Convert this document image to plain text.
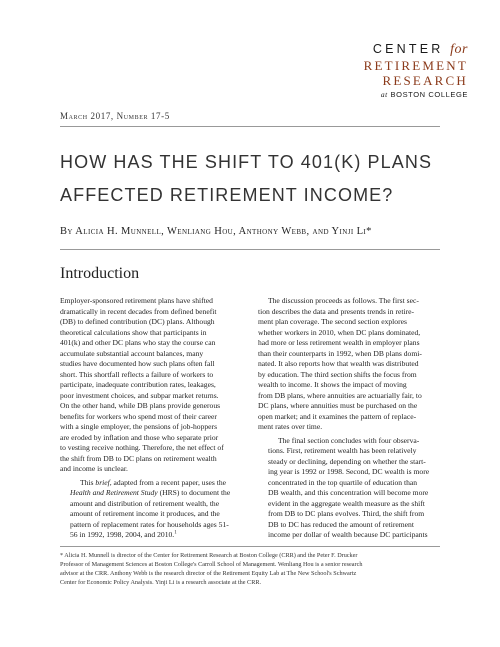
CENTER for
RETIREMENT
RESEARCH
at BOSTON COLLEGE
March 2017, Number 17-5
HOW HAS THE SHIFT TO 401(K) PLANS
AFFECTED RETIREMENT INCOME?
By Alicia H. Munnell, Wenliang Hou, Anthony Webb, and Yinji Li*
Introduction

Employer-sponsored retirement plans have shifted
dramatically in recent decades from defined benefit
(DB) to defined contribution (DC) plans. Although
theoretical calculations show that participants in
401(k) and other DC plans who stay the course can
accumulate substantial account balances, many
studies have documented how such plans often fall
short. This shortfall reflects a failure of workers to
participate, inadequate contribution rates, leakages,
poor investment choices, and subpar market returns.
On the other hand, while DB plans provide generous
benefits for workers who spend most of their career
with a single employer, the pensions of job-hoppers
are eroded by inflation and those who separate prior
to vesting receive nothing. Therefore, the net effect of
the shift from DB to DC plans on retirement wealth
and income is unclear.

This brief, adapted from a recent paper, uses the
Health and Retirement Study (HRS) to document the
amount and distribution of retirement wealth, the
amount of retirement income it produces, and the
pattern of replacement rates for households ages 51-
56 in 1992, 1998, 2004, and 2010.$^1$

The discussion proceeds as follows. The first sec-
tion describes the data and presents trends in retire-
ment plan coverage. The second section explores
whether workers in 2010, when DC plans dominated,
had more or less retirement wealth in employer plans
than their counterparts in 1992, when DB plans domi-
nated. It also reports how that wealth was distributed
by education. The third section shifts the focus from
wealth to income. It shows the impact of moving
from DB plans, where annuities are actuarially fair, to
DC plans, where annuities must be purchased on the
open market; and it examines the pattern of replace-
ment rates over time.

The final section concludes with four observa-
tions. First, retirement wealth has been relatively
steady or declining, depending on whether the start-
ing year is 1992 or 1998. Second, DC wealth is more
concentrated in the top quartile of education than
DB wealth, and this concentration will become more
evident in the aggregate wealth measure as the shift
from DB to DC plans evolves. Third, the shift from
DB to DC has reduced the amount of retirement
income per dollar of wealth because DC participants

* Alicia H. Munnell is director of the Center for Retirement Research at Boston College (CRR) and the Peter F. Drucker
Professor of Management Sciences at Boston College's Carroll School of Management. Wenliang Hou is a senior research
advisor at the CRR. Anthony Webb is the research director of the Retirement Equity Lab at The New School's Schwartz
Center for Economic Policy Analysis. Yinji Li is a research associate at the CRR.
